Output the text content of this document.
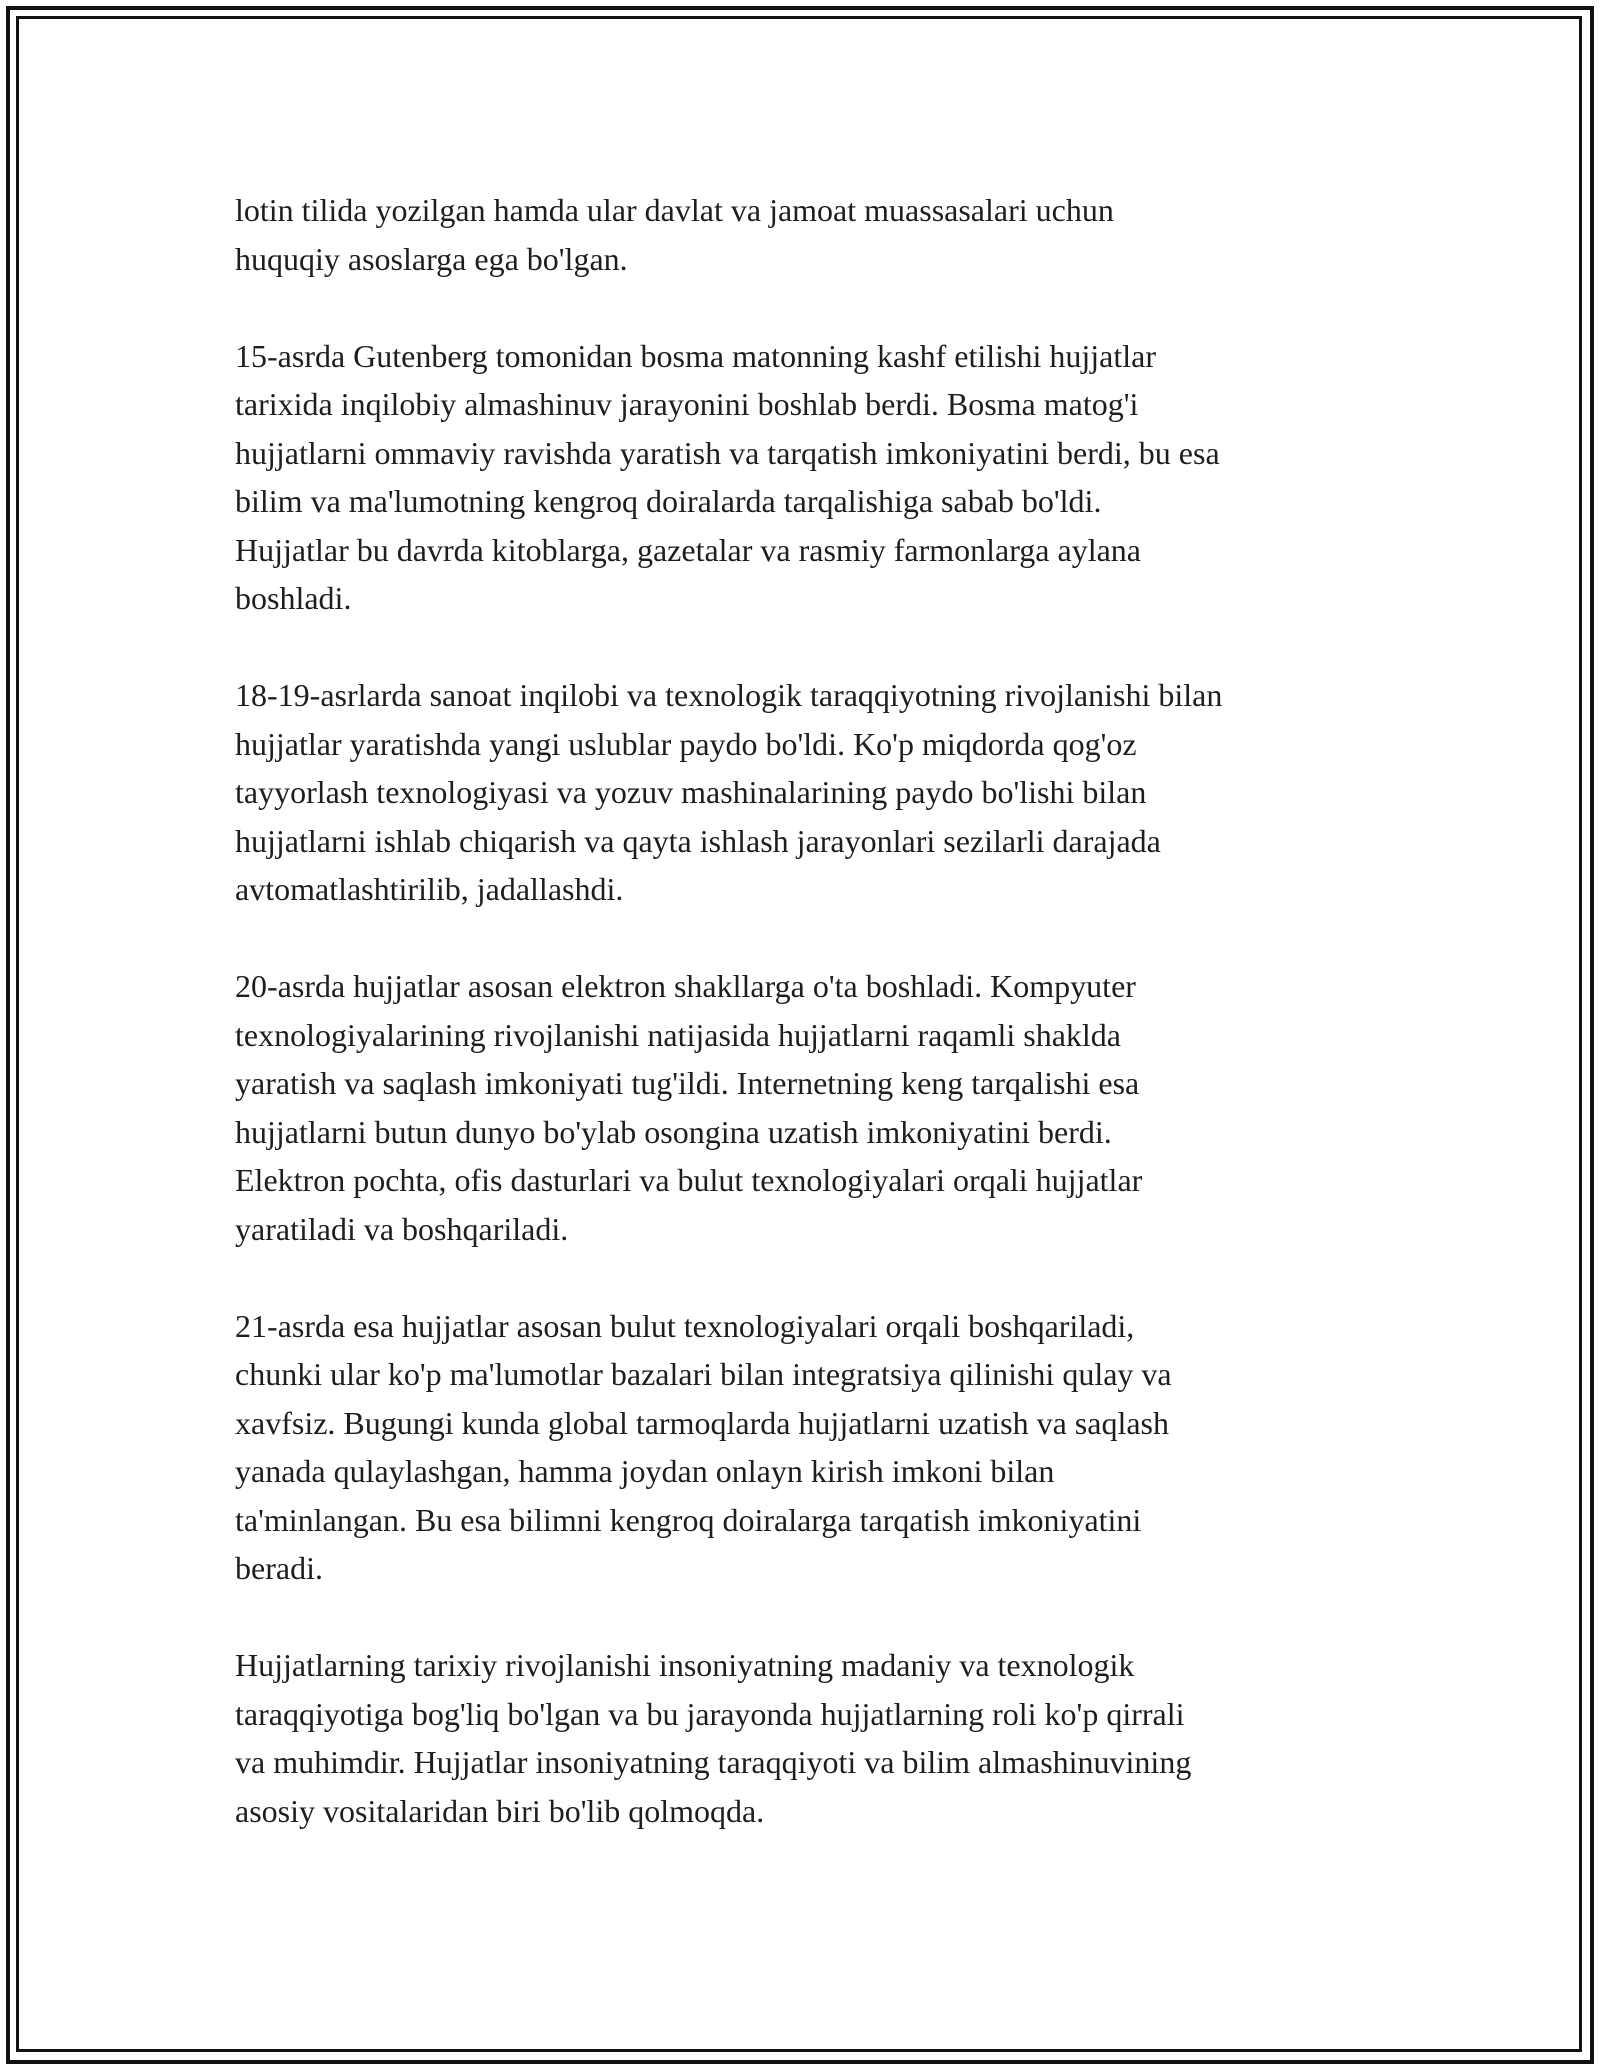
lotin tilida yozilgan hamda ular davlat va jamoat muassasalari uchun
huquqiy asoslarga ega bo'lgan.

15-asrda Gutenberg tomonidan bosma matonning kashf etilishi hujjatlar
tarixida inqilobiy almashinuv jarayonini boshlab berdi. Bosma matog'i
hujjatlarni ommaviy ravishda yaratish va tarqatish imkoniyatini berdi, bu esa
bilim va ma'lumotning kengroq doiralarda tarqalishiga sabab bo'ldi.
Hujjatlar bu davrda kitoblarga, gazetalar va rasmiy farmonlarga aylana
boshladi.

18-19-asrlarda sanoat inqilobi va texnologik taraqqiyotning rivojlanishi bilan
hujjatlar yaratishda yangi uslublar paydo bo'ldi. Ko'p miqdorda qog'oz
tayyorlash texnologiyasi va yozuv mashinalarining paydo bo'lishi bilan
hujjatlarni ishlab chiqarish va qayta ishlash jarayonlari sezilarli darajada
avtomatlashtirilib, jadallashdi.

20-asrda hujjatlar asosan elektron shakllarga o'ta boshladi. Kompyuter
texnologiyalarining rivojlanishi natijasida hujjatlarni raqamli shaklda
yaratish va saqlash imkoniyati tug'ildi. Internetning keng tarqalishi esa
hujjatlarni butun dunyo bo'ylab osongina uzatish imkoniyatini berdi.
Elektron pochta, ofis dasturlari va bulut texnologiyalari orqali hujjatlar
yaratiladi va boshqariladi.

21-asrda esa hujjatlar asosan bulut texnologiyalari orqali boshqariladi,
chunki ular ko'p ma'lumotlar bazalari bilan integratsiya qilinishi qulay va
xavfsiz. Bugungi kunda global tarmoqlarda hujjatlarni uzatish va saqlash
yanada qulaylashgan, hamma joydan onlayn kirish imkoni bilan
ta'minlangan. Bu esa bilimni kengroq doiralarga tarqatish imkoniyatini
beradi.

Hujjatlarning tarixiy rivojlanishi insoniyatning madaniy va texnologik
taraqqiyotiga bog'liq bo'lgan va bu jarayonda hujjatlarning roli ko'p qirrali
va muhimdir. Hujjatlar insoniyatning taraqqiyoti va bilim almashinuvining
asosiy vositalaridan biri bo'lib qolmoqda.
